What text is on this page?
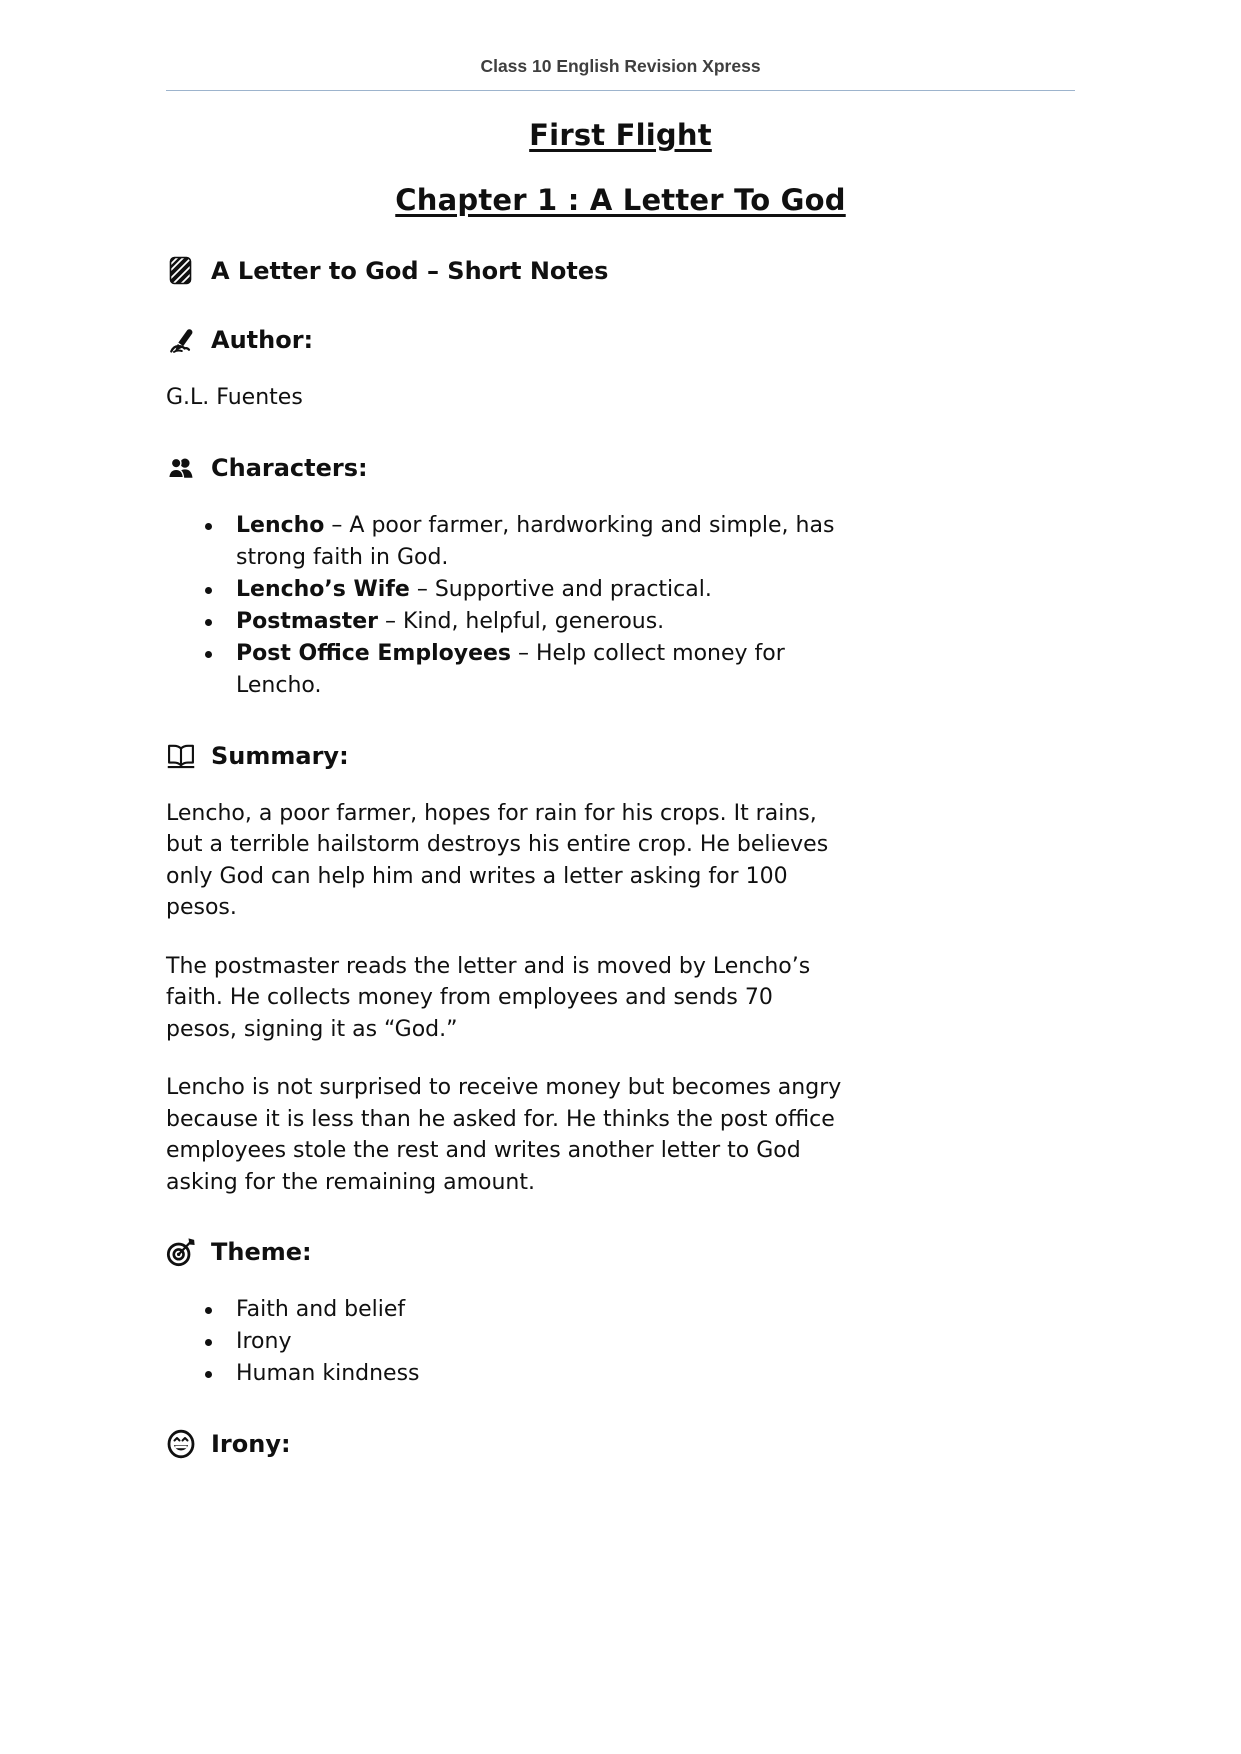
Class 10 English Revision Xpress
First Flight
Chapter 1 : A Letter To God
A Letter to God – Short Notes
Author:
G.L. Fuentes
Characters:
Lencho – A poor farmer, hardworking and simple, has
strong faith in God.
Lencho’s Wife – Supportive and practical.
Postmaster – Kind, helpful, generous.
Post Office Employees – Help collect money for
Lencho.
Summary:
Lencho, a poor farmer, hopes for rain for his crops. It rains,
but a terrible hailstorm destroys his entire crop. He believes
only God can help him and writes a letter asking for 100
pesos.
The postmaster reads the letter and is moved by Lencho’s
faith. He collects money from employees and sends 70
pesos, signing it as “God.”
Lencho is not surprised to receive money but becomes angry
because it is less than he asked for. He thinks the post office
employees stole the rest and writes another letter to God
asking for the remaining amount.
Theme:
Faith and belief
Irony
Human kindness
Irony:
